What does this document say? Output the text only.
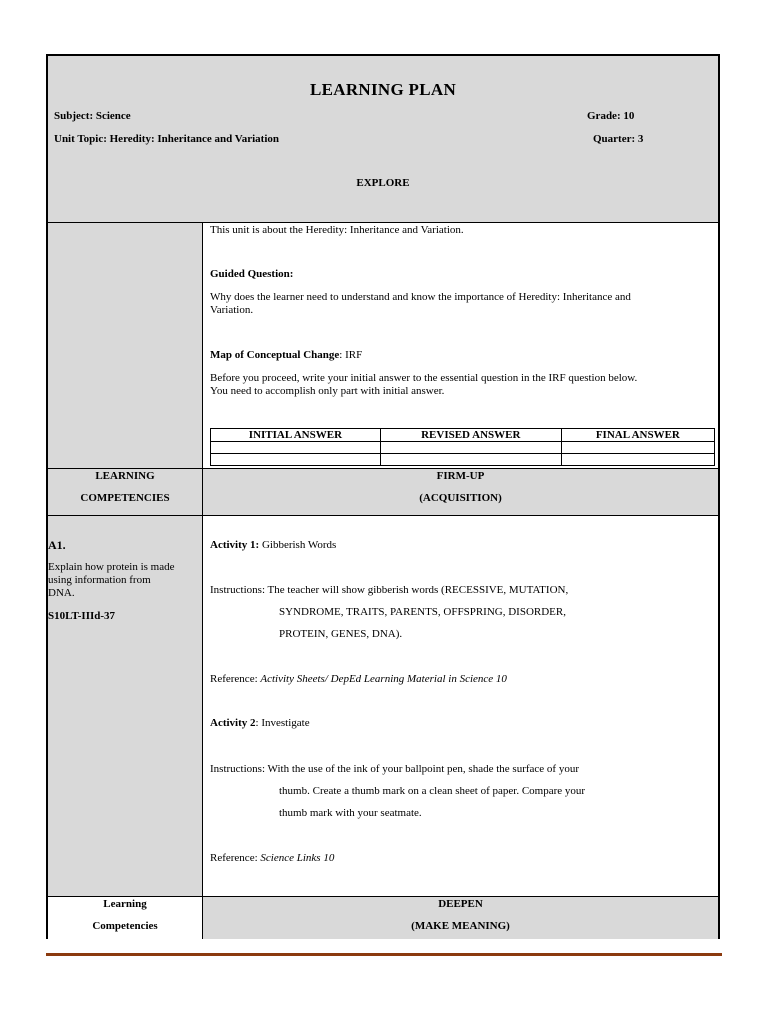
LEARNING PLAN
Subject: Science	Grade: 10
Unit Topic: Heredity: Inheritance and Variation	Quarter: 3
EXPLORE
This unit is about the Heredity: Inheritance and Variation.
Guided Question:
Why does the learner need to understand and know the importance of Heredity: Inheritance and
Variation.
Map of Conceptual Change: IRF
Before you proceed, write your initial answer to the essential question in the IRF question below.
You need to accomplish only part with initial answer.
INITIAL ANSWER	REVISED ANSWER	FINAL ANSWER

LEARNING
COMPETENCIES
FIRM-UP
(ACQUISITION)
A1.
Explain how protein is made
using information from
DNA.
S10LT-IIId-37
Activity 1: Gibberish Words
Instructions: The teacher will show gibberish words (RECESSIVE, MUTATION,
SYNDROME, TRAITS, PARENTS, OFFSPRING, DISORDER,
PROTEIN, GENES, DNA).
Reference: Activity Sheets/ DepEd Learning Material in Science 10
Activity 2: Investigate
Instructions: With the use of the ink of your ballpoint pen, shade the surface of your
thumb. Create a thumb mark on a clean sheet of paper. Compare your
thumb mark with your seatmate.
Reference: Science Links 10
Learning
Competencies
DEEPEN
(MAKE MEANING)
